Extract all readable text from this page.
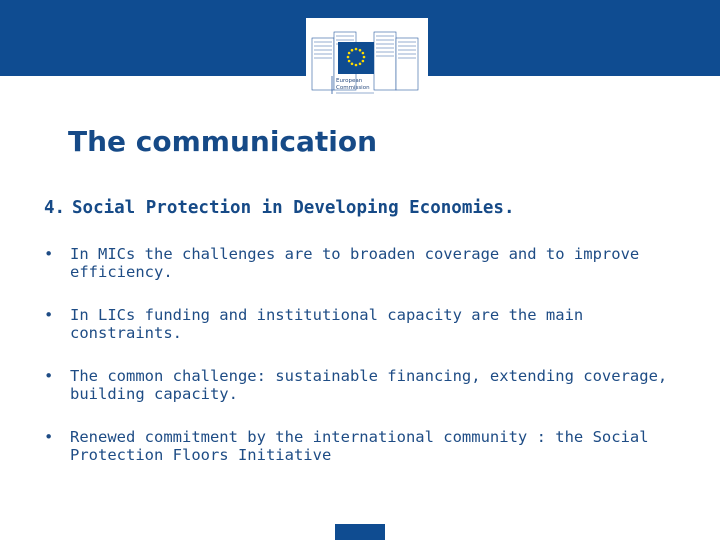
European
Commission
The communication
4. Social Protection in Developing Economies.
• In MICs the challenges are to broaden coverage and to improve efficiency.
• In LICs funding and institutional capacity are the main constraints.
• The common challenge: sustainable financing, extending coverage, building capacity.
• Renewed commitment by the international community : the Social Protection Floors Initiative
